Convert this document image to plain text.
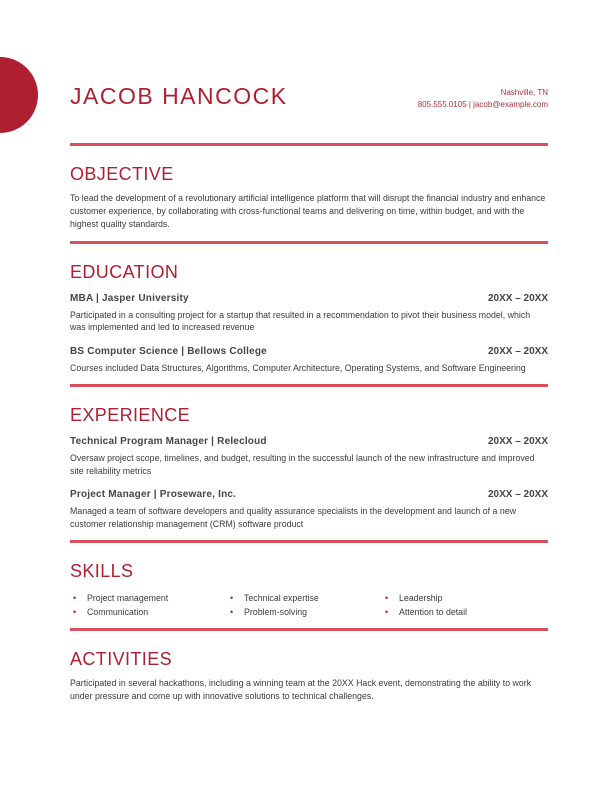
JACOB HANCOCK	Nashville, TN
805.555.0105 | jacob@example.com
OBJECTIVE

To lead the development of a revolutionary artificial intelligence platform that will disrupt the financial industry and enhance customer experience, by collaborating with cross-functional teams and delivering on time, within budget, and with the highest quality standards.

EDUCATION
MBA | Jasper University	20XX – 20XX

Participated in a consulting project for a startup that resulted in a recommendation to pivot their business model, which was implemented and led to increased revenue

BS Computer Science | Bellows College	20XX – 20XX

Courses included Data Structures, Algorithms, Computer Architecture, Operating Systems, and Software Engineering

EXPERIENCE
Technical Program Manager | Relecloud	20XX – 20XX

Oversaw project scope, timelines, and budget, resulting in the successful launch of the new infrastructure and improved site reliability metrics

Project Manager | Proseware, Inc.	20XX – 20XX

Managed a team of software developers and quality assurance specialists in the development and launch of a new customer relationship management (CRM) software product

SKILLS
•	Project management
•	Communication
•	Technical expertise
•	Problem-solving
•	Leadership
•	Attention to detail
ACTIVITIES

Participated in several hackathons, including a winning team at the 20XX Hack event, demonstrating the ability to work under pressure and come up with innovative solutions to technical challenges.
